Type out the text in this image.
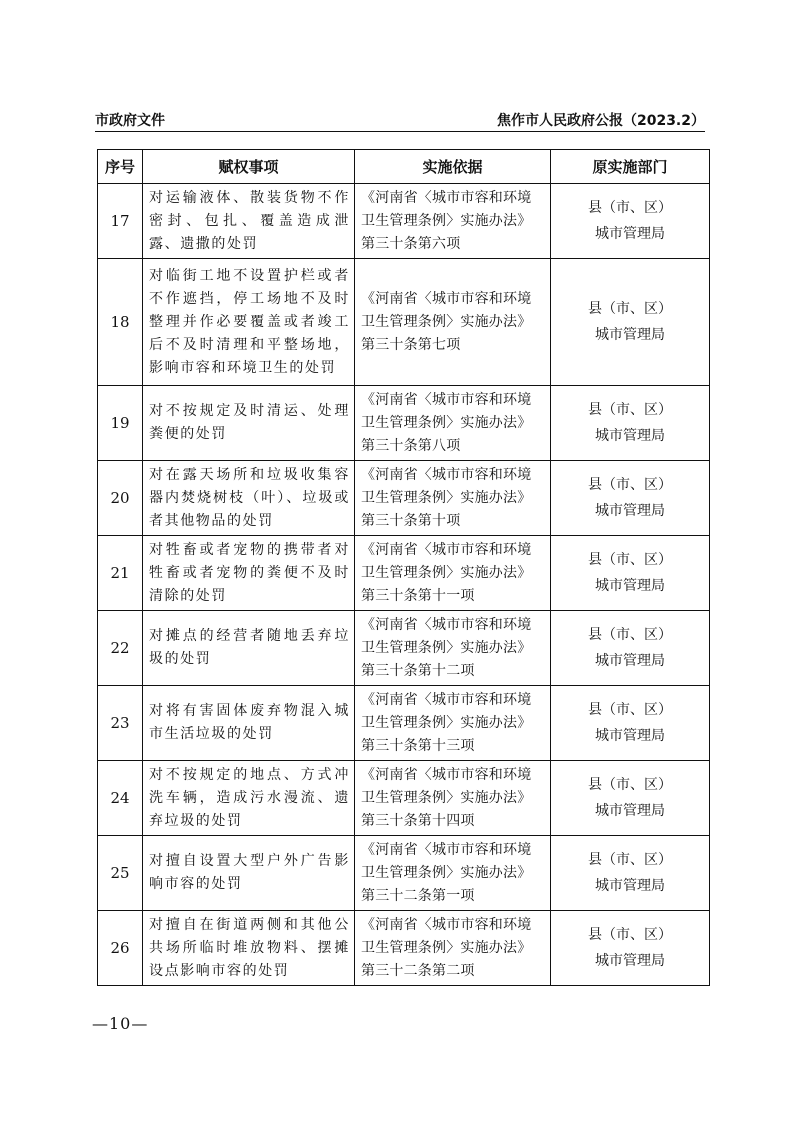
市政府文件	焦作市人民政府公报（2023.2）
序号	赋权事项	实施依据	原实施部门
17	对运输液体、散装货物不作密封、包扎、覆盖造成泄露、遗撒的处罚	《河南省〈城市市容和环境
卫生管理条例〉实施办法》
第三十条第六项	县（市、区）
城市管理局

18	对临街工地不设置护栏或者不作遮挡，停工场地不及时整理并作必要覆盖或者竣工后不及时清理和平整场地，影响市容和环境卫生的处罚	《河南省〈城市市容和环境
卫生管理条例〉实施办法》
第三十条第七项	县（市、区）
城市管理局

19	对不按规定及时清运、处理粪便的处罚	《河南省〈城市市容和环境
卫生管理条例〉实施办法》
第三十条第八项	县（市、区）
城市管理局

20	对在露天场所和垃圾收集容器内焚烧树枝（叶）、垃圾或者其他物品的处罚	《河南省〈城市市容和环境
卫生管理条例〉实施办法》
第三十条第十项	县（市、区）
城市管理局

21	对牲畜或者宠物的携带者对牲畜或者宠物的粪便不及时清除的处罚	《河南省〈城市市容和环境
卫生管理条例〉实施办法》
第三十条第十一项	县（市、区）
城市管理局

22	对摊点的经营者随地丢弃垃圾的处罚	《河南省〈城市市容和环境
卫生管理条例〉实施办法》
第三十条第十二项	县（市、区）
城市管理局

23	对将有害固体废弃物混入城市生活垃圾的处罚	《河南省〈城市市容和环境
卫生管理条例〉实施办法》
第三十条第十三项	县（市、区）
城市管理局

24	对不按规定的地点、方式冲洗车辆，造成污水漫流、遗弃垃圾的处罚	《河南省〈城市市容和环境
卫生管理条例〉实施办法》
第三十条第十四项	县（市、区）
城市管理局

25	对擅自设置大型户外广告影响市容的处罚	《河南省〈城市市容和环境
卫生管理条例〉实施办法》
第三十二条第一项	县（市、区）
城市管理局

26	对擅自在街道两侧和其他公共场所临时堆放物料、摆摊设点影响市容的处罚	《河南省〈城市市容和环境
卫生管理条例〉实施办法》
第三十二条第二项	县（市、区）
城市管理局
—10—
